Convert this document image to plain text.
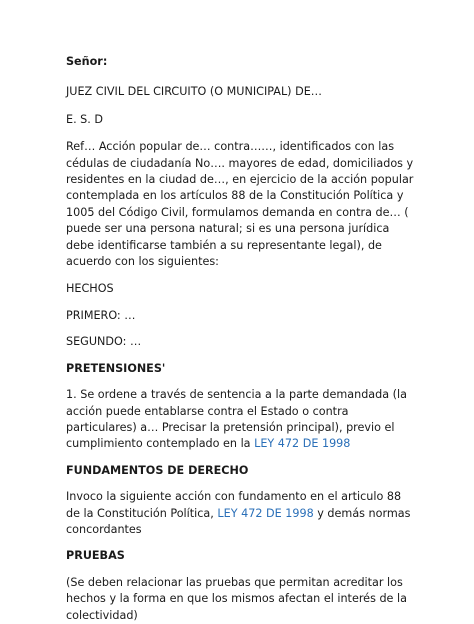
Señor:

JUEZ CIVIL DEL CIRCUITO (O MUNICIPAL) DE…

E. S. D

Ref… Acción popular de… contra……, identificados con las cédulas de ciudadanía No…. mayores de edad, domiciliados y residentes en la ciudad de…, en ejercicio de la acción popular contemplada en los artículos 88 de la Constitución Política y 1005 del Código Civil, formulamos demanda en contra de… ( puede ser una persona natural; si es una persona jurídica debe identificarse también a su representante legal), de acuerdo con los siguientes:

HECHOS

PRIMERO: …

SEGUNDO: …

PRETENSIONES'

1. Se ordene a través de sentencia a la parte demandada (la acción puede entablarse contra el Estado o contra particulares) a… Precisar la pretensión principal), previo el cumplimiento contemplado en la LEY 472 DE 1998

FUNDAMENTOS DE DERECHO

Invoco la siguiente acción con fundamento en el articulo 88 de la Constitución Política, LEY 472 DE 1998 y demás normas concordantes

PRUEBAS

(Se deben relacionar las pruebas que permitan acreditar los hechos y la forma en que los mismos afectan el interés de la colectividad)
